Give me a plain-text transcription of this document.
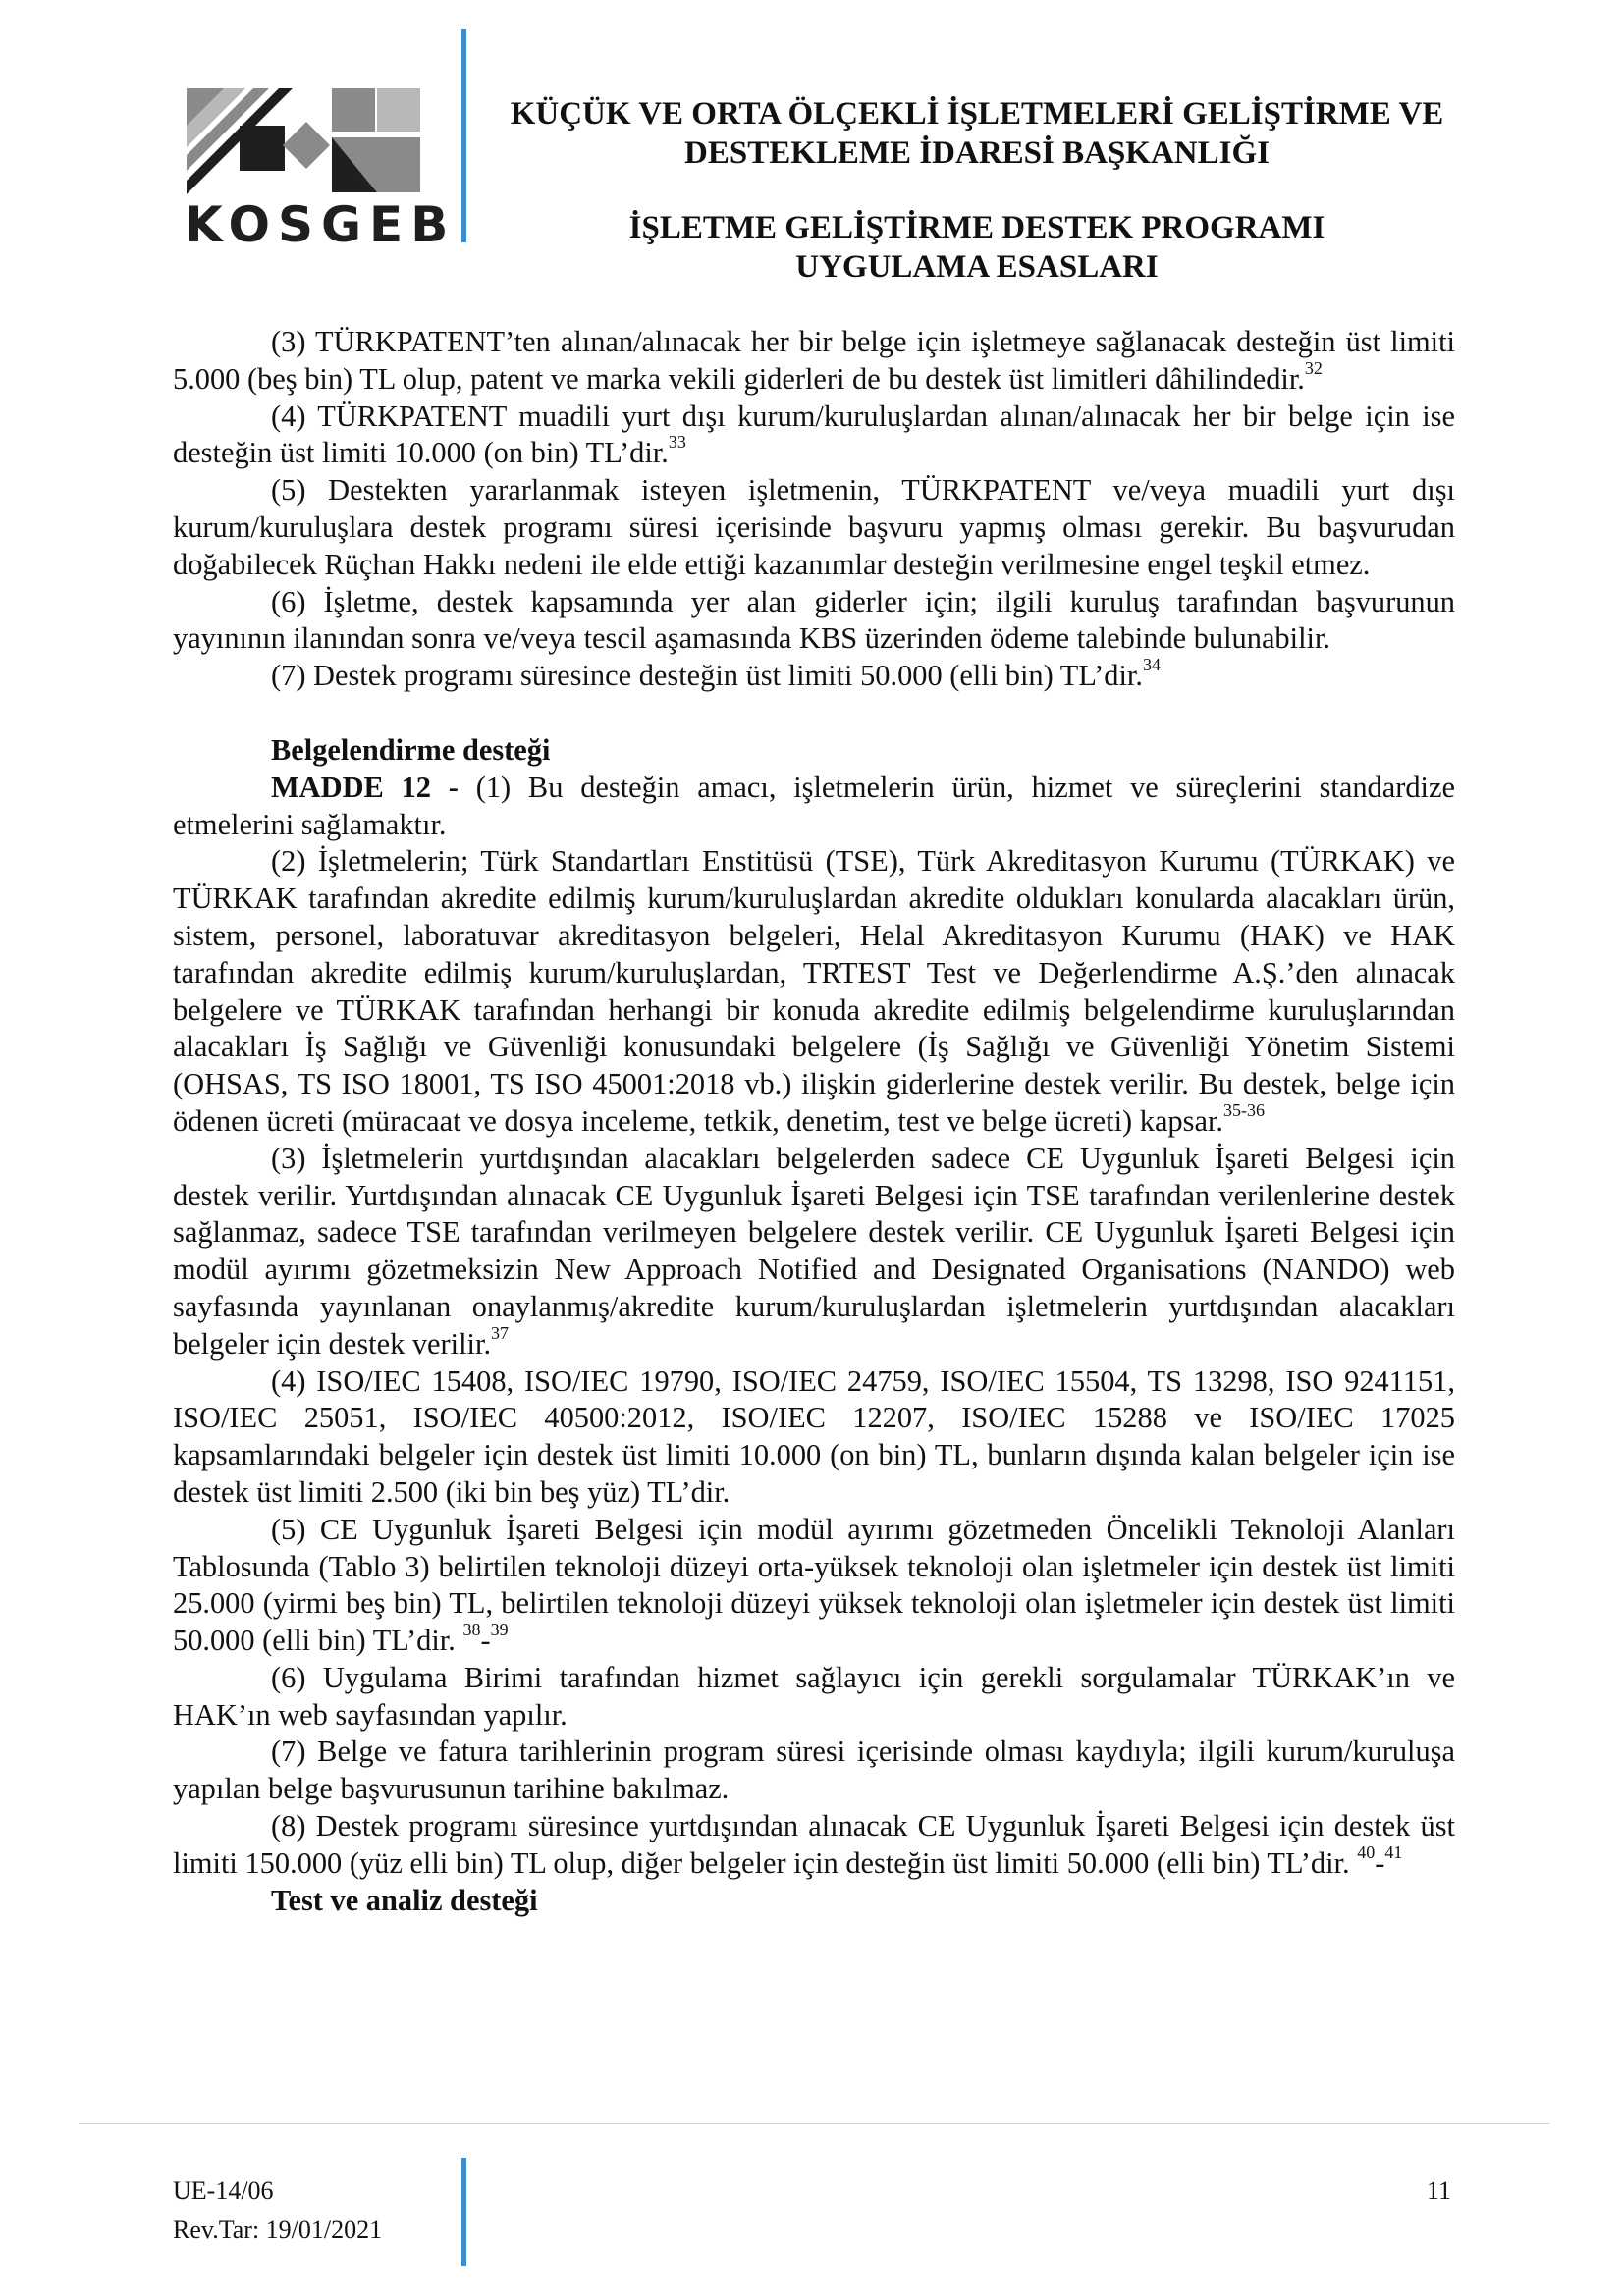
KOSGEB
KÜÇÜK VE ORTA ÖLÇEKLİ İŞLETMELERİ GELİŞTİRME VE
DESTEKLEME İDARESİ BAŞKANLIĞI
İŞLETME GELİŞTİRME DESTEK PROGRAMI
UYGULAMA ESASLARI

(3) TÜRKPATENT’ten alınan/alınacak her bir belge için işletmeye sağlanacak desteğin üst limiti 5.000 (beş bin) TL olup, patent ve marka vekili giderleri de bu destek üst limitleri dâhilindedir.$^{32}$

(4) TÜRKPATENT muadili yurt dışı kurum/kuruluşlardan alınan/alınacak her bir belge için ise desteğin üst limiti 10.000 (on bin) TL’dir.$^{33}$

(5) Destekten yararlanmak isteyen işletmenin, TÜRKPATENT ve/veya muadili yurt dışı kurum/kuruluşlara destek programı süresi içerisinde başvuru yapmış olması gerekir. Bu başvurudan doğabilecek Rüçhan Hakkı nedeni ile elde ettiği kazanımlar desteğin verilmesine engel teşkil etmez.

(6) İşletme, destek kapsamında yer alan giderler için; ilgili kuruluş tarafından başvurunun yayınının ilanından sonra ve/veya tescil aşamasında KBS üzerinden ödeme talebinde bulunabilir.

(7) Destek programı süresince desteğin üst limiti 50.000 (elli bin) TL’dir.$^{34}$

Belgelendirme desteği

MADDE 12 - (1) Bu desteğin amacı, işletmelerin ürün, hizmet ve süreçlerini standardize etmelerini sağlamaktır.

(2) İşletmelerin; Türk Standartları Enstitüsü (TSE), Türk Akreditasyon Kurumu (TÜRKAK) ve TÜRKAK tarafından akredite edilmiş kurum/kuruluşlardan akredite oldukları konularda alacakları ürün, sistem, personel, laboratuvar akreditasyon belgeleri, Helal Akreditasyon Kurumu (HAK) ve HAK tarafından akredite edilmiş kurum/kuruluşlardan, TRTEST Test ve Değerlendirme A.Ş.’den alınacak belgelere ve TÜRKAK tarafından herhangi bir konuda akredite edilmiş belgelendirme kuruluşlarından alacakları İş Sağlığı ve Güvenliği konusundaki belgelere (İş Sağlığı ve Güvenliği Yönetim Sistemi (OHSAS, TS ISO 18001, TS ISO 45001:2018 vb.) ilişkin giderlerine destek verilir. Bu destek, belge için ödenen ücreti (müracaat ve dosya inceleme, tetkik, denetim, test ve belge ücreti) kapsar.$^{35-36}$

(3) İşletmelerin yurtdışından alacakları belgelerden sadece CE Uygunluk İşareti Belgesi için destek verilir. Yurtdışından alınacak CE Uygunluk İşareti Belgesi için TSE tarafından verilenlerine destek sağlanmaz, sadece TSE tarafından verilmeyen belgelere destek verilir. CE Uygunluk İşareti Belgesi için modül ayırımı gözetmeksizin New Approach Notified and Designated Organisations (NANDO) web sayfasında yayınlanan onaylanmış/akredite kurum/kuruluşlardan işletmelerin yurtdışından alacakları belgeler için destek verilir.$^{37}$

(4) ISO/IEC 15408, ISO/IEC 19790, ISO/IEC 24759, ISO/IEC 15504, TS 13298, ISO 9241151, ISO/IEC 25051, ISO/IEC 40500:2012, ISO/IEC 12207, ISO/IEC 15288 ve ISO/IEC 17025 kapsamlarındaki belgeler için destek üst limiti 10.000 (on bin) TL, bunların dışında kalan belgeler için ise destek üst limiti 2.500 (iki bin beş yüz) TL’dir.

(5) CE Uygunluk İşareti Belgesi için modül ayırımı gözetmeden Öncelikli Teknoloji Alanları Tablosunda (Tablo 3) belirtilen teknoloji düzeyi orta-yüksek teknoloji olan işletmeler için destek üst limiti 25.000 (yirmi beş bin) TL, belirtilen teknoloji düzeyi yüksek teknoloji olan işletmeler için destek üst limiti 50.000 (elli bin) TL’dir. $^{38}$-$^{39}$

(6) Uygulama Birimi tarafından hizmet sağlayıcı için gerekli sorgulamalar TÜRKAK’ın ve HAK’ın web sayfasından yapılır.

(7) Belge ve fatura tarihlerinin program süresi içerisinde olması kaydıyla; ilgili kurum/kuruluşa yapılan belge başvurusunun tarihine bakılmaz.

(8) Destek programı süresince yurtdışından alınacak CE Uygunluk İşareti Belgesi için destek üst limiti 150.000 (yüz elli bin) TL olup, diğer belgeler için desteğin üst limiti 50.000 (elli bin) TL’dir. $^{40}$-$^{41}$

Test ve analiz desteği

UE-14/06
Rev.Tar: 19/01/2021
11
